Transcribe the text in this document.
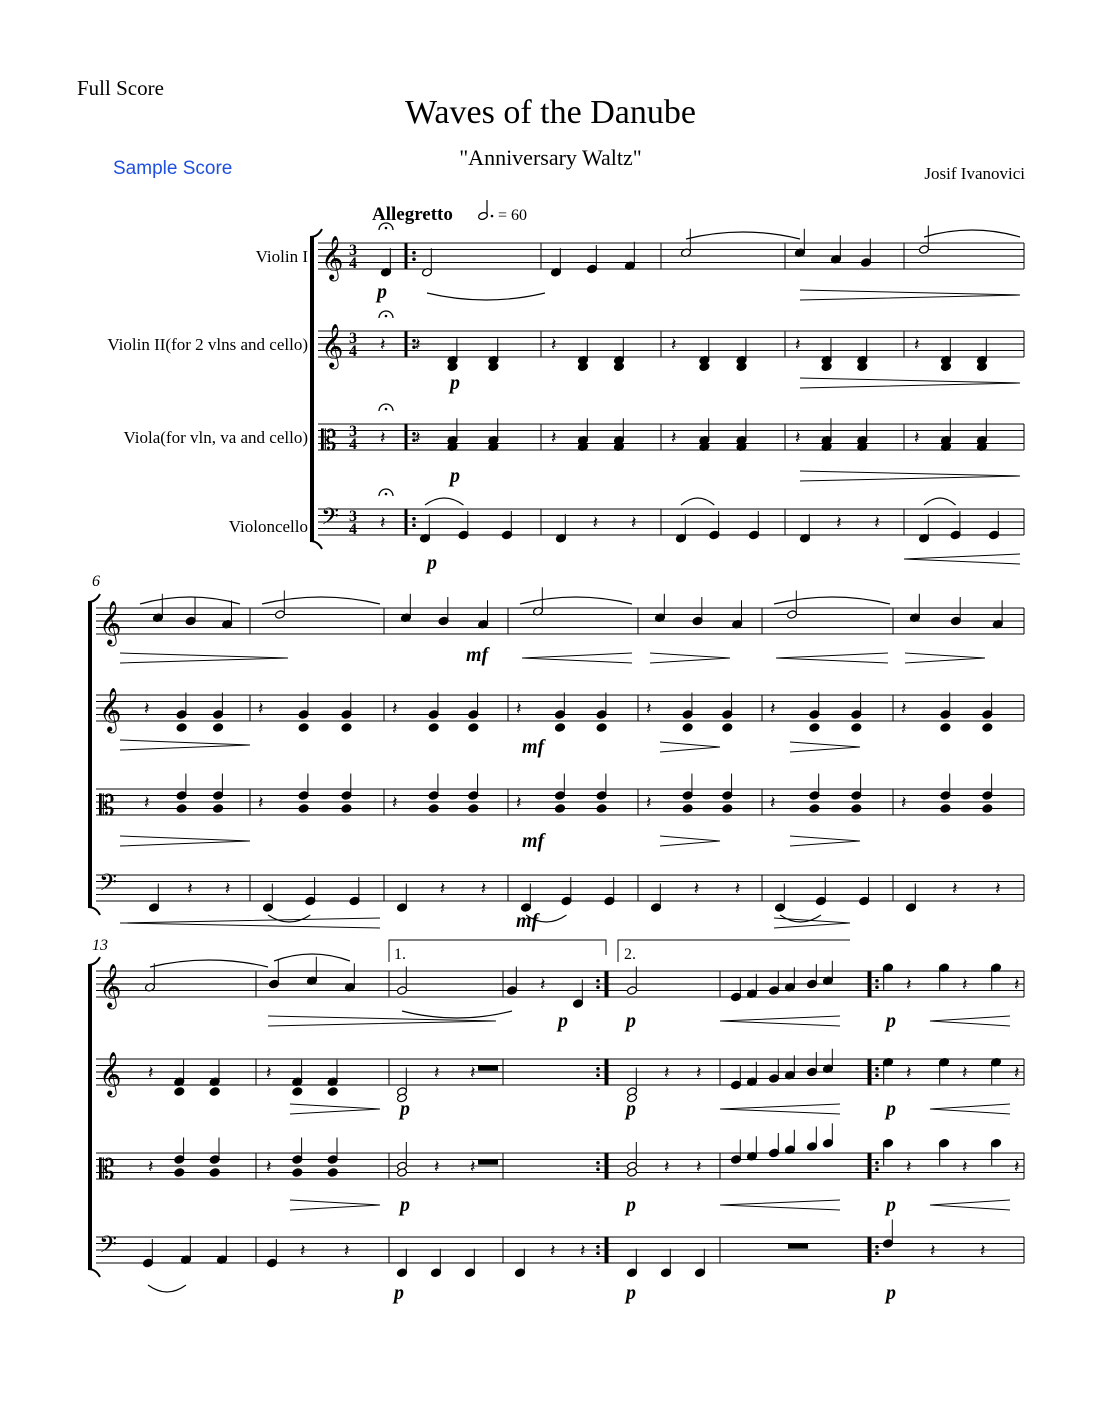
Full Score
Waves of the Danube
"Anniversary Waltz"
Sample Score	Josif Ivanovici
Violin I
Violin II(for 2 vlns and cello)
Viola(for vln, va and cello)
Violoncello
Allegretto	= 60
6
13
1.	2.
𝄞 3
4
𝄞 3
4
𝄡 3
4
𝄢 3
4
𝄞
𝄞
𝄡
𝄢
𝄞
𝄞
𝄡
𝄢
𝄽
𝄽
𝄽
𝄽
𝄽
𝄽
𝄽
𝄽 𝄽
𝄽
𝄽
𝄽
𝄽
𝄽 𝄽
𝄽
𝄽
𝄽
𝄽
𝄽 𝄽
𝄽
𝄽
𝄽
𝄽
𝄽 𝄽
𝄽
𝄽
𝄽
𝄽
𝄽 𝄽
𝄽
𝄽
𝄽
𝄽
𝄽 𝄽
𝄽	𝄽	𝄽	𝄽
𝄽
𝄽
𝄽
𝄽
𝄽 𝄽
𝄽 𝄽
𝄽 𝄽
𝄽 𝄽
𝄽
𝄽
𝄽
𝄽
𝄽
𝄽
𝄽 𝄽	𝄽 𝄽	𝄽 𝄽
p
p
p
p
mf
mf
mf
mf
p	p	p
p	p	p
p	p	p
p	p	p
